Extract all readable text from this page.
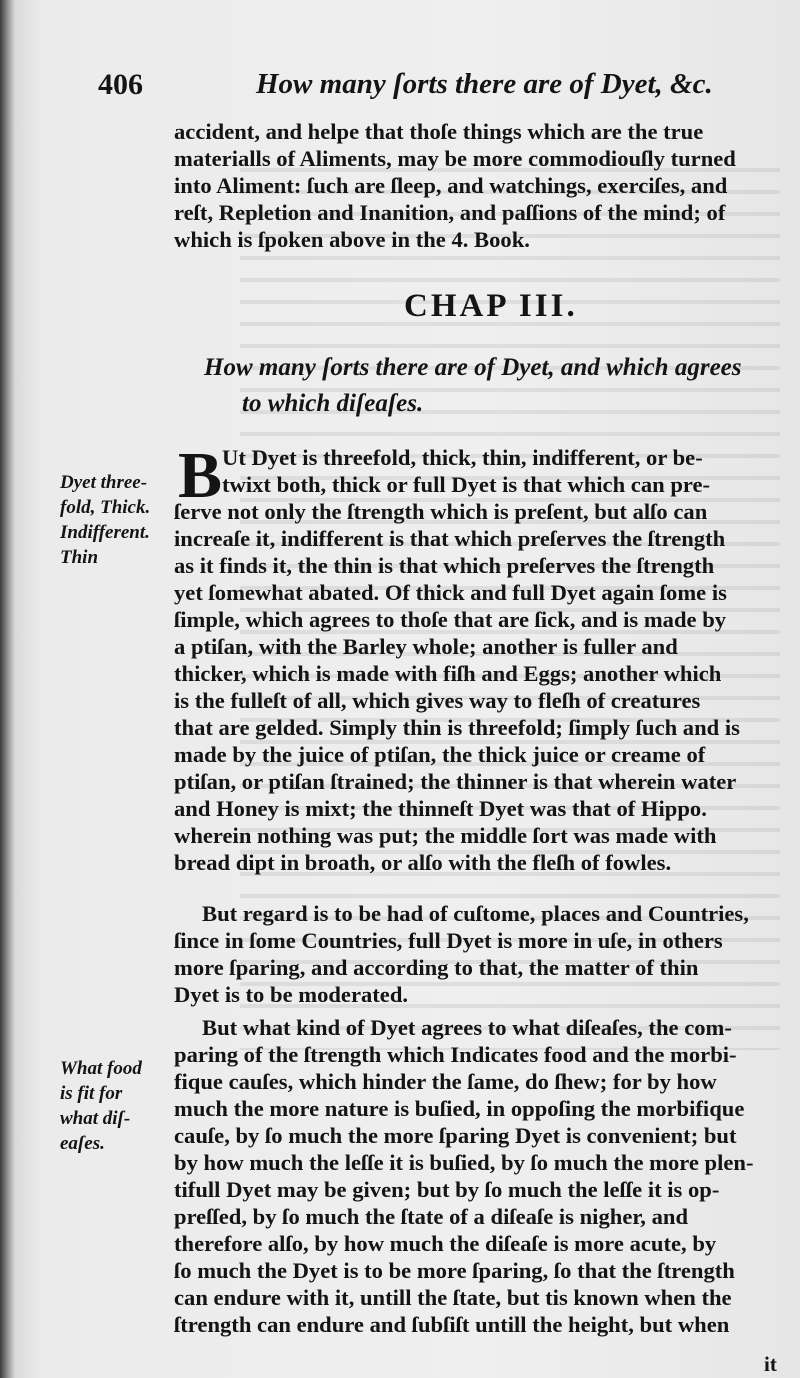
406	How many ſorts there are of Dyet, &c.
accident, and helpe that thoſe things which are the true
materialls of Aliments, may be more commodiouſly turned
into Aliment: ſuch are ſleep, and watchings, exerciſes, and
reſt, Repletion and Inanition, and paſſions of the mind; of
which is ſpoken above in the 4. Book.
CHAP III.
How many ſorts there are of Dyet, and which agrees
to which diſeaſes.
B Ut Dyet is threefold, thick, thin, indifferent, or be-
twixt both, thick or full Dyet is that which can pre-
ſerve not only the ſtrength which is preſent, but alſo can
increaſe it, indifferent is that which preſerves the ſtrength
as it finds it, the thin is that which preſerves the ſtrength
yet ſomewhat abated. Of thick and full Dyet again ſome is
ſimple, which agrees to thoſe that are ſick, and is made by
a ptiſan, with the Barley whole; another is fuller and
thicker, which is made with fiſh and Eggs; another which
is the fulleſt of all, which gives way to fleſh of creatures
that are gelded. Simply thin is threefold; ſimply ſuch and is
made by the juice of ptiſan, the thick juice or creame of
ptiſan, or ptiſan ſtrained; the thinner is that wherein water
and Honey is mixt; the thinneſt Dyet was that of Hippo.
wherein nothing was put; the middle ſort was made with
bread dipt in broath, or alſo with the fleſh of fowles.
But regard is to be had of cuſtome, places and Countries,
ſince in ſome Countries, full Dyet is more in uſe, in others
more ſparing, and according to that, the matter of thin
Dyet is to be moderated.
But what kind of Dyet agrees to what diſeaſes, the com-
paring of the ſtrength which Indicates food and the morbi-
fique cauſes, which hinder the ſame, do ſhew; for by how
much the more nature is buſied, in oppoſing the morbifique
cauſe, by ſo much the more ſparing Dyet is convenient; but
by how much the leſſe it is buſied, by ſo much the more plen-
tifull Dyet may be given; but by ſo much the leſſe it is op-
preſſed, by ſo much the ſtate of a diſeaſe is nigher, and
therefore alſo, by how much the diſeaſe is more acute, by
ſo much the Dyet is to be more ſparing, ſo that the ſtrength
can endure with it, untill the ſtate, but tis known when the
ſtrength can endure and ſubſiſt untill the height, but when
Dyet three-
fold, Thick.
Indifferent.
Thin
What food
is fit for
what diſ-
eaſes.
it
